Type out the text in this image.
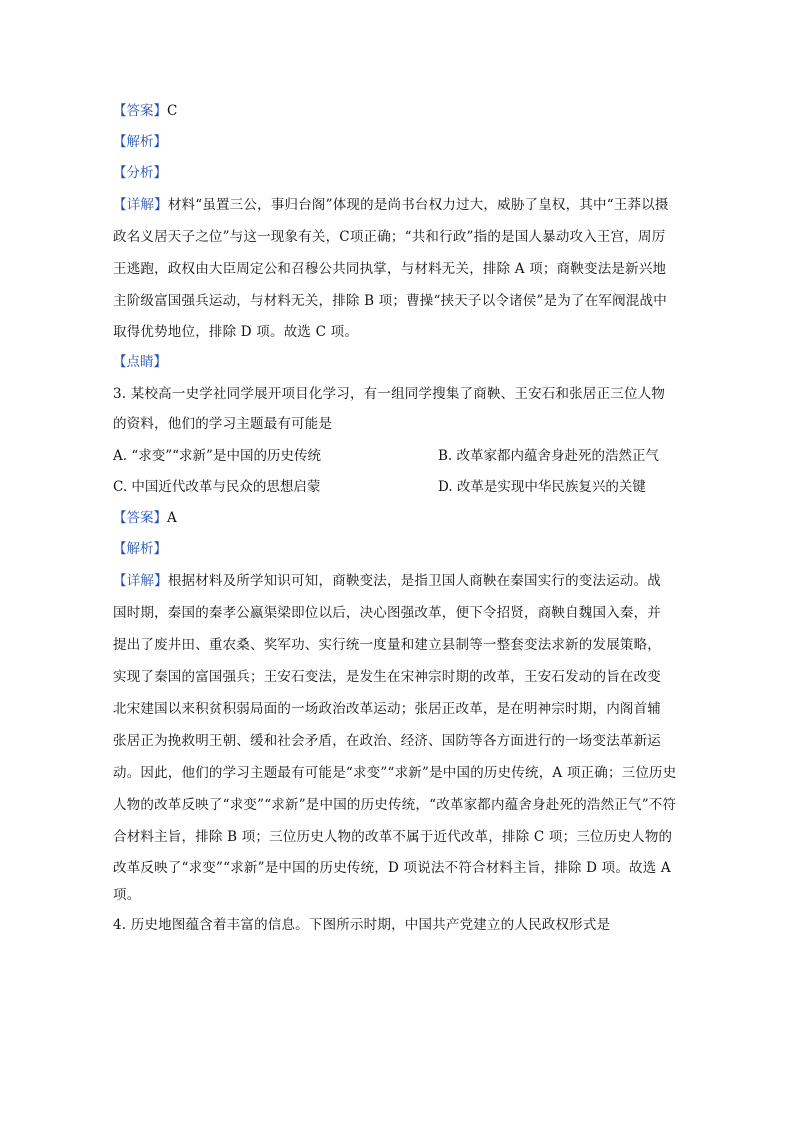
【答案】C
【解析】
【分析】
【详解】材料“虽置三公，事归台阁”体现的是尚书台权力过大，威胁了皇权，其中“王莽以摄
政名义居天子之位”与这一现象有关，C项正确；“共和行政”指的是国人暴动攻入王宫，周厉
王逃跑，政权由大臣周定公和召穆公共同执掌，与材料无关，排除 A 项；商鞅变法是新兴地
主阶级富国强兵运动，与材料无关，排除 B 项；曹操“挟天子以令诸侯”是为了在军阀混战中
取得优势地位，排除 D 项。故选 C 项。
【点睛】
3. 某校高一史学社同学展开项目化学习，有一组同学搜集了商鞅、王安石和张居正三位人物
的资料，他们的学习主题最有可能是
A. “求变”“求新”是中国的历史传统	B. 改革家都内蕴舍身赴死的浩然正气
C. 中国近代改革与民众的思想启蒙	D. 改革是实现中华民族复兴的关键
【答案】A
【解析】
【详解】根据材料及所学知识可知，商鞅变法，是指卫国人商鞅在秦国实行的变法运动。战
国时期，秦国的秦孝公嬴渠梁即位以后，决心图强改革，便下令招贤，商鞅自魏国入秦，并
提出了废井田、重农桑、奖军功、实行统一度量和建立县制等一整套变法求新的发展策略，
实现了秦国的富国强兵；王安石变法，是发生在宋神宗时期的改革，王安石发动的旨在改变
北宋建国以来积贫积弱局面的一场政治改革运动；张居正改革，是在明神宗时期，内阁首辅
张居正为挽救明王朝、缓和社会矛盾，在政治、经济、国防等各方面进行的一场变法革新运
动。因此，他们的学习主题最有可能是“求变”“求新”是中国的历史传统，A 项正确；三位历史
人物的改革反映了“求变”“求新”是中国的历史传统，“改革家都内蕴舍身赴死的浩然正气”不符
合材料主旨，排除 B 项；三位历史人物的改革不属于近代改革，排除 C 项；三位历史人物的
改革反映了“求变”“求新”是中国的历史传统，D 项说法不符合材料主旨，排除 D 项。故选 A
项。
4. 历史地图蕴含着丰富的信息。下图所示时期，中国共产党建立的人民政权形式是
